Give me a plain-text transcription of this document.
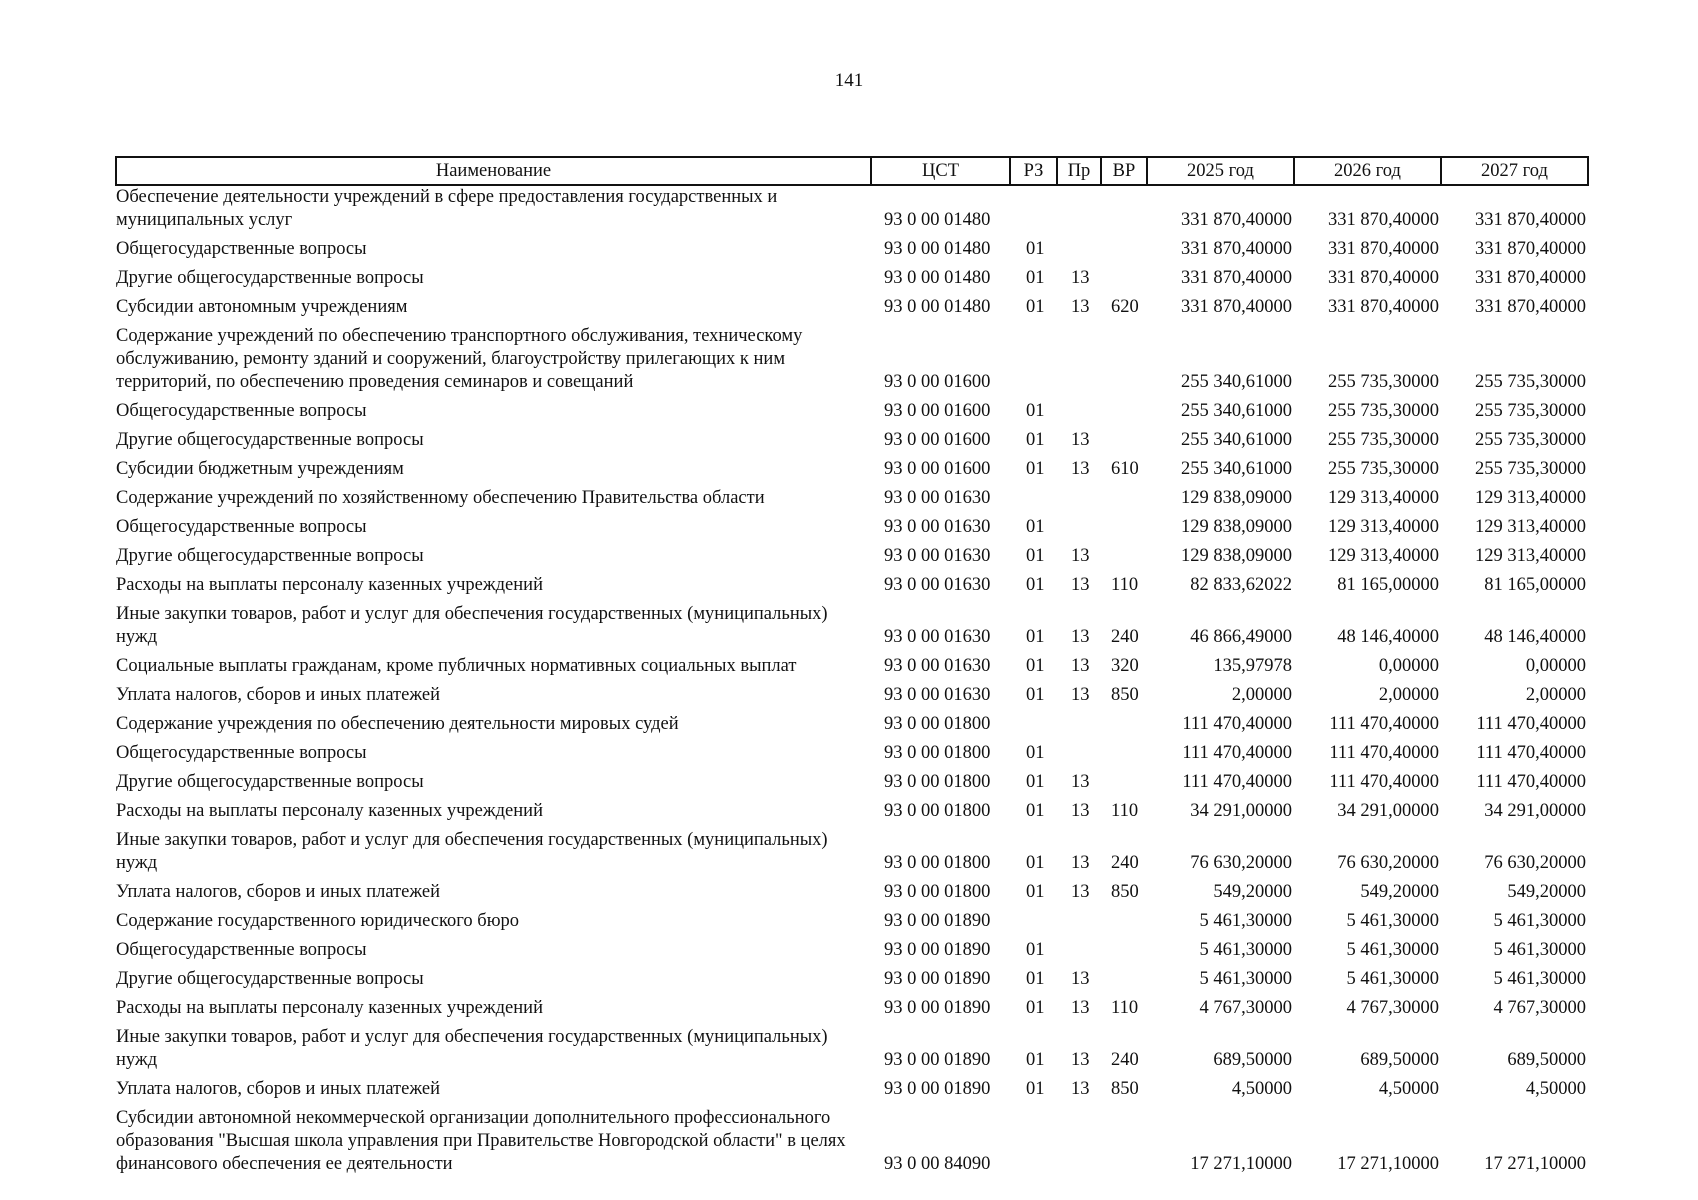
141
Наименование	ЦСТ	РЗ	Пр	ВР	2025 год	2026 год	2027 год
Обеспечение деятельности учреждений в сфере предоставления государственных и муниципальных услуг	93 0 00 01480				331 870,40000	331 870,40000	331 870,40000
Общегосударственные вопросы	93 0 00 01480	01			331 870,40000	331 870,40000	331 870,40000
Другие общегосударственные вопросы	93 0 00 01480	01	13		331 870,40000	331 870,40000	331 870,40000
Субсидии автономным учреждениям	93 0 00 01480	01	13	620	331 870,40000	331 870,40000	331 870,40000
Содержание учреждений по обеспечению транспортного обслуживания, техническому обслуживанию, ремонту зданий и сооружений, благоустройству прилегающих к ним территорий, по обеспечению проведения семинаров и совещаний	93 0 00 01600				255 340,61000	255 735,30000	255 735,30000
Общегосударственные вопросы	93 0 00 01600	01			255 340,61000	255 735,30000	255 735,30000
Другие общегосударственные вопросы	93 0 00 01600	01	13		255 340,61000	255 735,30000	255 735,30000
Субсидии бюджетным учреждениям	93 0 00 01600	01	13	610	255 340,61000	255 735,30000	255 735,30000
Содержание учреждений по хозяйственному обеспечению Правительства области	93 0 00 01630				129 838,09000	129 313,40000	129 313,40000
Общегосударственные вопросы	93 0 00 01630	01			129 838,09000	129 313,40000	129 313,40000
Другие общегосударственные вопросы	93 0 00 01630	01	13		129 838,09000	129 313,40000	129 313,40000
Расходы на выплаты персоналу казенных учреждений	93 0 00 01630	01	13	110	82 833,62022	81 165,00000	81 165,00000
Иные закупки товаров, работ и услуг для обеспечения государственных (муниципальных) нужд	93 0 00 01630	01	13	240	46 866,49000	48 146,40000	48 146,40000
Социальные выплаты гражданам, кроме публичных нормативных социальных выплат	93 0 00 01630	01	13	320	135,97978	0,00000	0,00000
Уплата налогов, сборов и иных платежей	93 0 00 01630	01	13	850	2,00000	2,00000	2,00000
Содержание учреждения по обеспечению деятельности мировых судей	93 0 00 01800				111 470,40000	111 470,40000	111 470,40000
Общегосударственные вопросы	93 0 00 01800	01			111 470,40000	111 470,40000	111 470,40000
Другие общегосударственные вопросы	93 0 00 01800	01	13		111 470,40000	111 470,40000	111 470,40000
Расходы на выплаты персоналу казенных учреждений	93 0 00 01800	01	13	110	34 291,00000	34 291,00000	34 291,00000
Иные закупки товаров, работ и услуг для обеспечения государственных (муниципальных) нужд	93 0 00 01800	01	13	240	76 630,20000	76 630,20000	76 630,20000
Уплата налогов, сборов и иных платежей	93 0 00 01800	01	13	850	549,20000	549,20000	549,20000
Содержание государственного юридического бюро	93 0 00 01890				5 461,30000	5 461,30000	5 461,30000
Общегосударственные вопросы	93 0 00 01890	01			5 461,30000	5 461,30000	5 461,30000
Другие общегосударственные вопросы	93 0 00 01890	01	13		5 461,30000	5 461,30000	5 461,30000
Расходы на выплаты персоналу казенных учреждений	93 0 00 01890	01	13	110	4 767,30000	4 767,30000	4 767,30000
Иные закупки товаров, работ и услуг для обеспечения государственных (муниципальных) нужд	93 0 00 01890	01	13	240	689,50000	689,50000	689,50000
Уплата налогов, сборов и иных платежей	93 0 00 01890	01	13	850	4,50000	4,50000	4,50000
Субсидии автономной некоммерческой организации дополнительного профессионального образования "Высшая школа управления при Правительстве Новгородской области" в целях финансового обеспечения ее деятельности	93 0 00 84090				17 271,10000	17 271,10000	17 271,10000
